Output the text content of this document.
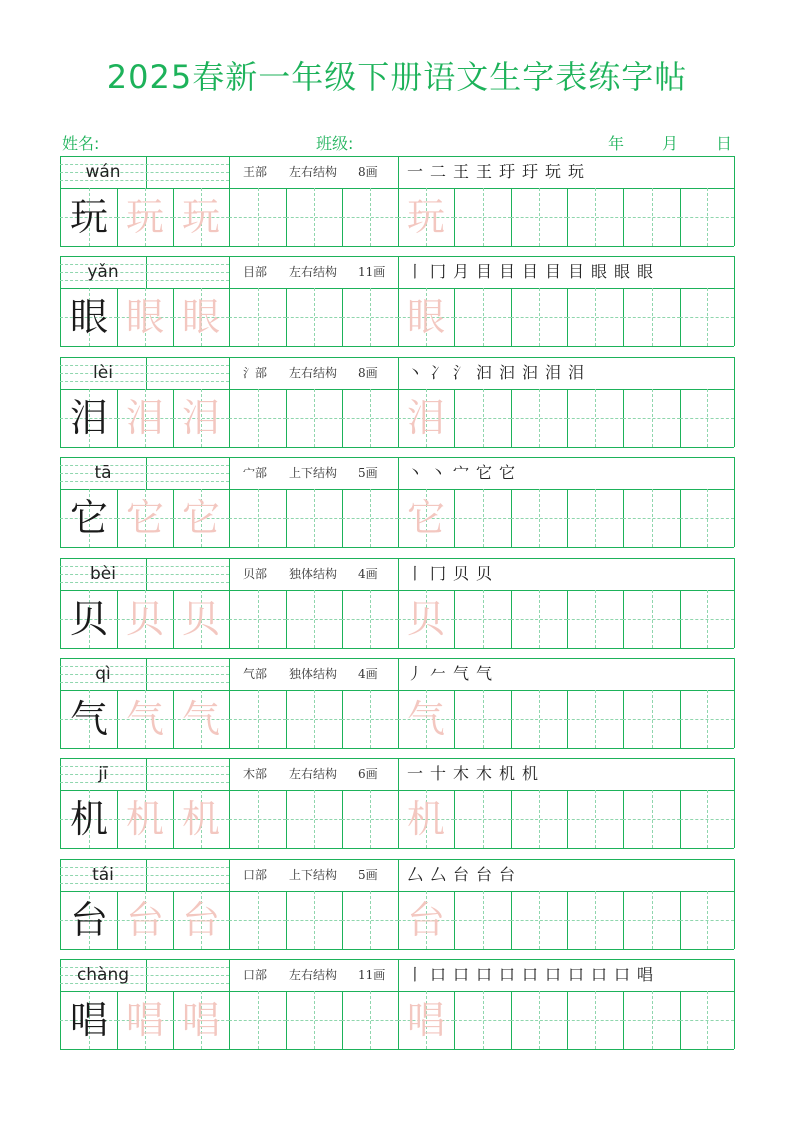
2025春新一年级下册语文生字表练字帖
姓名:	班级:	年 月 日
wán	王部 左右结构 8画 一 二 王 王 玗 玗 玩 玩
玩 玩 玩	玩
yǎn	目部 左右结构 11画 丨 冂 月 目 目 目 目 目 眼 眼 眼
眼 眼 眼	眼
lèi	氵部 左右结构 8画 丶 冫 氵 汩 汩 汩 泪 泪
泪 泪 泪	泪
tā	宀部 上下结构 5画 丶 丶 宀 它 它
它 它 它	它
bèi	贝部 独体结构 4画 丨 冂 贝 贝
贝 贝 贝	贝
qì	气部 独体结构 4画 丿 𠂉 气 气
气 气 气	气
jī	木部 左右结构 6画 一 十 木 木 机 机
机 机 机	机
tái	口部 上下结构 5画 厶 厶 台 台 台
台 台 台	台
chàng	口部 左右结构 11画 丨 口 口 口 口 口 口 口 口 口 唱
唱 唱 唱	唱
